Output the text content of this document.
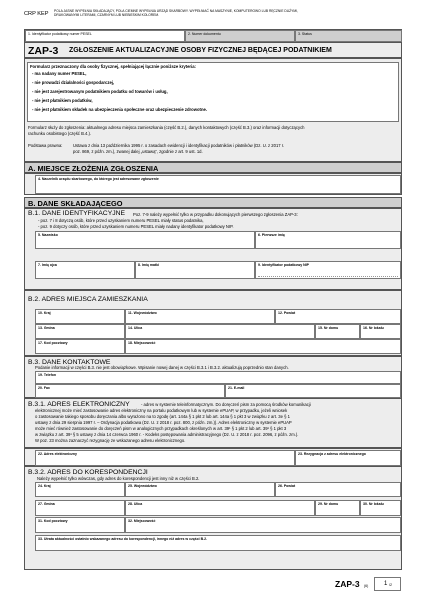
CRP KEP	POLA JASNE WYPEŁNIA SKŁADAJĄCY, POLA CIEMNE WYPEŁNIA URZĄD SKARBOWY. WYPEŁNIAĆ NA MASZYNIE, KOMPUTEROWO LUB RĘCZNIE DUŻYMI,
DRUKOWANYMI LITERAMI, CZARNYM LUB NIEBIESKIM KOLOREM.
1. Identyfikator podatkowy numer PESEL	2. Numer dokumentu	3. Status
ZAP-3 ZGŁOSZENIE AKTUALIZACYJNE OSOBY FIZYCZNEJ BĘDĄCEJ PODATNIKIEM
Formularz przeznaczony dla osoby fizycznej, spełniającej łącznie poniższe kryteria:
- ma nadany numer PESEL,
- nie prowadzi działalności gospodarczej,
- nie jest zarejestrowanym podatnikiem podatku od towarów i usług,
- nie jest płatnikiem podatków,
- nie jest płatnikiem składek na ubezpieczenia społeczne oraz ubezpieczenie zdrowotne.
Formularz służy do zgłoszenia: aktualnego adresu miejsca zamieszkania (część B.2.), danych kontaktowych (część B.3.) oraz informacji dotyczących
rachunku osobistego (część B.4.).
Podstawa prawna:	Ustawa z dnia 13 października 1995 r. o zasadach ewidencji i identyfikacji podatników i płatników (Dz. U. z 2017 r.
poz. 869, z późn. zm.), zwanej dalej „ustawą”, zgodnie z art. 9 ust. 1d.
A. MIEJSCE ZŁOŻENIA ZGŁOSZENIA
4. Naczelnik urzędu skarbowego, do którego jest adresowane zgłoszenie
B. DANE SKŁADAJĄCEGO
B.1. DANE IDENTYFIKACYJNE Poz. 7-9 należy wypełnić tylko w przypadku dokonujących pierwszego zgłoszenia ZAP-3:
- poz. 7 i 8 dotyczą osób, które przed uzyskaniem numeru PESEL miały status podatnika,
- poz. 9 dotyczy osób, które przed uzyskaniem numeru PESEL miały nadany identyfikator podatkowy NIP.
5. Nazwisko	6. Pierwsze imię
7. Imię ojca	8. Imię matki	9. Identyfikator podatkowy NIP
B.2. ADRES MIEJSCA ZAMIESZKANIA
10. Kraj	11. Województwo	12. Powiat
13. Gmina	14. Ulica	15. Nr domu	16. Nr lokalu
17. Kod pocztowy	18. Miejscowość
B.3. DANE KONTAKTOWE
Podanie informacji w części B.3. nie jest obowiązkowe. Wpisanie nowej danej w części B.3.1 i B.3.2. aktualizują poprzednio stan danych.
19. Telefon
20. Fax	21. E-mail
B.3.1. ADRES ELEKTRONICZNY	- adres w systemie teleinformatycznym. Do doręczeń pism za pomocą środków komunikacji
elektronicznej może mieć zastosowanie adres elektroniczny na portalu podatkowym lub w systemie ePUAP, w przypadku, jeżeli wniosek
o zastosowanie takiego sposobu doręczania albo wyrażono na to zgodę (art. 144a § 1 pkt 2 lub art. 144a § 1 pkt 3 w związku z art. 3e § 1
ustawy z dnia 29 sierpnia 1997 r. – Ordynacja podatkowa (Dz. U. z 2018 r. poz. 800, z późn. zm.)). Adres elektroniczny w systemie ePUAP
może mieć również zastosowanie do doręczeń pism w analogicznych przypadkach określonych w art. 39¹ § 1 pkt 2 lub art. 39¹ § 1 pkt 3
w związku z art. 39¹ § 5 ustawy z dnia 14 czerwca 1960 r. - Kodeks postępowania administracyjnego (Dz. U. z 2018 r. poz. 2096, z późn. zm.).
W poz. 23 można zaznaczyć rezygnację ze wskazanego adresu elektronicznego.
22. Adres elektroniczny	23. Rezygnacja z adresu elektronicznego
B.3.2. ADRES DO KORESPONDENCJI
Należy wypełnić tylko wówczas, gdy adres do korespondencji jest inny niż w części B.2.
24. Kraj	25. Województwo	26. Powiat
27. Gmina	28. Ulica	29. Nr domu	30. Nr lokalu
31. Kod pocztowy	32. Miejscowość
33. Utrata aktualności ostatnio wskazanego adresu do korespondencji, innego niż adres w części B.2.
ZAP-3 (6)	1 /2
